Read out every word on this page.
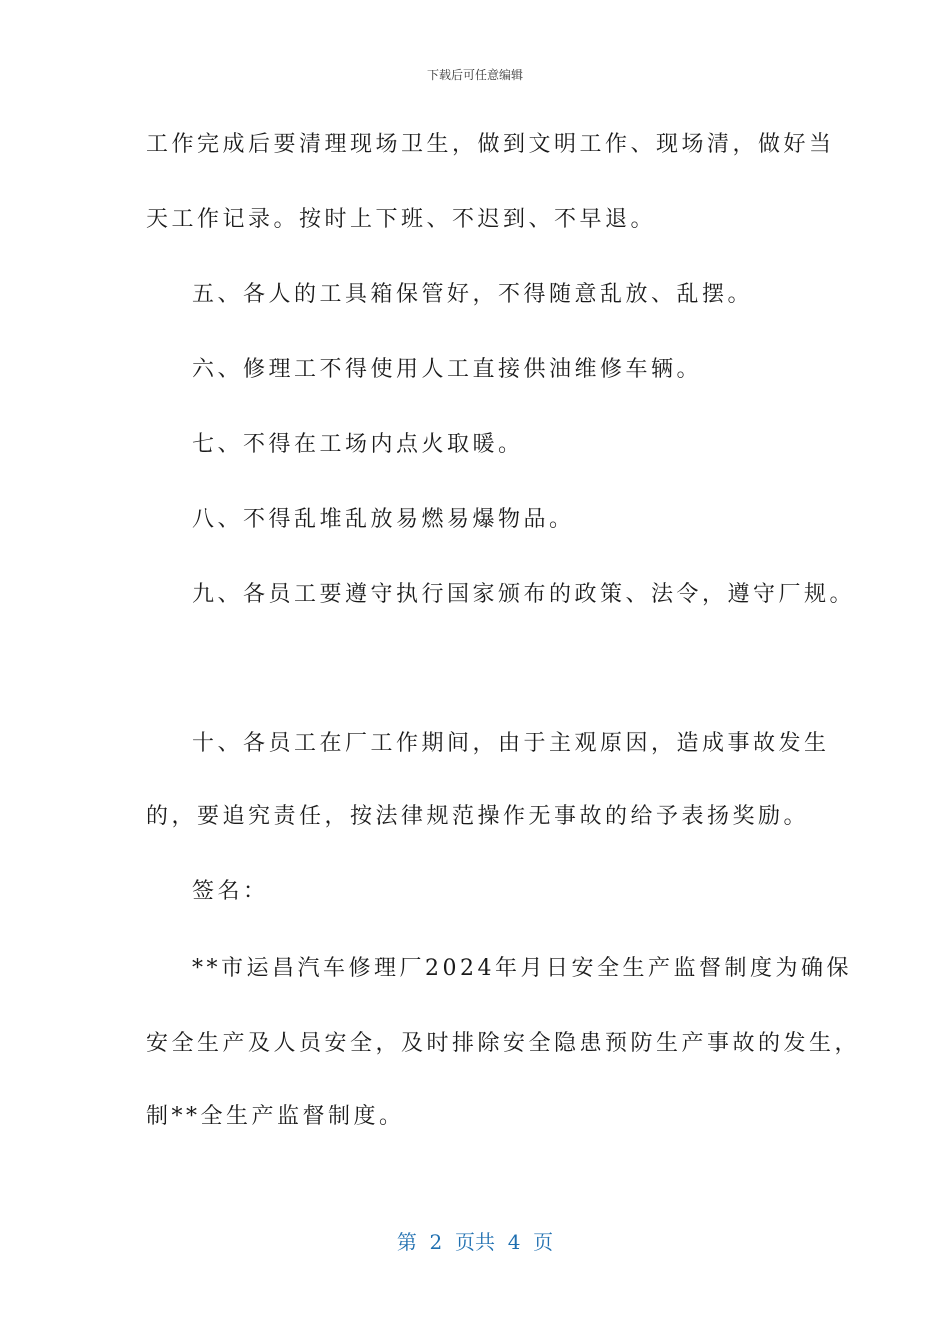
下载后可任意编辑
工作完成后要清理现场卫生，做到文明工作、现场清，做好当
天工作记录。按时上下班、不迟到、不早退。
五、各人的工具箱保管好，不得随意乱放、乱摆。
六、修理工不得使用人工直接供油维修车辆。
七、不得在工场内点火取暖。
八、不得乱堆乱放易燃易爆物品。
九、各员工要遵守执行国家颁布的政策、法令，遵守厂规。
十、各员工在厂工作期间，由于主观原因，造成事故发生
的，要追究责任，按法律规范操作无事故的给予表扬奖励。
签名：
**市运昌汽车修理厂2024年月日安全生产监督制度为确保
安全生产及人员安全，及时排除安全隐患预防生产事故的发生，
制**全生产监督制度。
第  2  页共  4  页
